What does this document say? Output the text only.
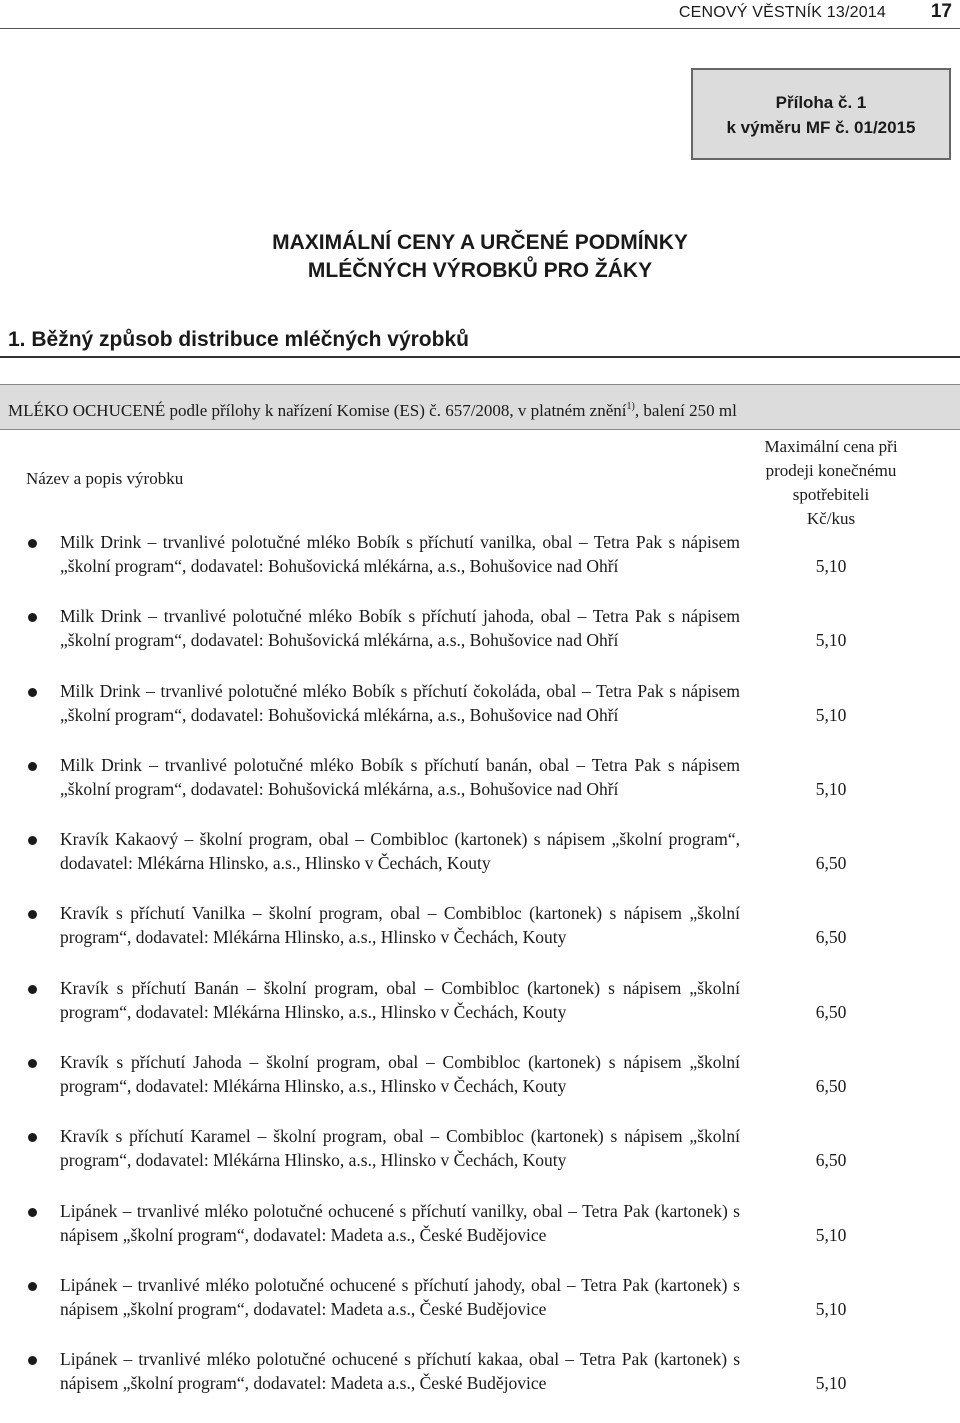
CENOVÝ VĚSTNÍK 13/2014 17
Příloha č. 1
k výměru MF č. 01/2015
MAXIMÁLNÍ CENY A URČENÉ PODMÍNKY
MLÉČNÝCH VÝROBKŮ PRO ŽÁKY
1. Běžný způsob distribuce mléčných výrobků
MLÉKO OCHUCENÉ podle přílohy k nařízení Komise (ES) č. 657/2008, v platném znění$^{1)}$, balení 250 ml
Název a popis výrobku
Maximální cena při
prodeji konečnému
spotřebiteli
Kč/kus
Milk Drink – trvanlivé polotučné mléko Bobík s příchutí vanilka, obal – Tetra Pak s nápisem „školní program“, dodavatel: Bohušovická mlékárna, a.s., Bohušovice nad Ohří	5,10
Milk Drink – trvanlivé polotučné mléko Bobík s příchutí jahoda, obal – Tetra Pak s nápisem „školní program“, dodavatel: Bohušovická mlékárna, a.s., Bohušovice nad Ohří	5,10
Milk Drink – trvanlivé polotučné mléko Bobík s příchutí čokoláda, obal – Tetra Pak s nápisem „školní program“, dodavatel: Bohušovická mlékárna, a.s., Bohušovice nad Ohří	5,10
Milk Drink – trvanlivé polotučné mléko Bobík s příchutí banán, obal – Tetra Pak s nápisem „školní program“, dodavatel: Bohušovická mlékárna, a.s., Bohušovice nad Ohří	5,10
Kravík Kakaový – školní program, obal – Combibloc (kartonek) s nápisem „školní program“, dodavatel: Mlékárna Hlinsko, a.s., Hlinsko v Čechách, Kouty	6,50
Kravík s příchutí Vanilka – školní program, obal – Combibloc (kartonek) s nápisem „školní program“, dodavatel: Mlékárna Hlinsko, a.s., Hlinsko v Čechách, Kouty	6,50
Kravík s příchutí Banán – školní program, obal – Combibloc (kartonek) s nápisem „školní program“, dodavatel: Mlékárna Hlinsko, a.s., Hlinsko v Čechách, Kouty	6,50
Kravík s příchutí Jahoda – školní program, obal – Combibloc (kartonek) s nápisem „školní program“, dodavatel: Mlékárna Hlinsko, a.s., Hlinsko v Čechách, Kouty	6,50
Kravík s příchutí Karamel – školní program, obal – Combibloc (kartonek) s nápisem „školní program“, dodavatel: Mlékárna Hlinsko, a.s., Hlinsko v Čechách, Kouty	6,50
Lipánek – trvanlivé mléko polotučné ochucené s příchutí vanilky, obal – Tetra Pak (kartonek) s nápisem „školní program“, dodavatel: Madeta a.s., České Budějovice	5,10
Lipánek – trvanlivé mléko polotučné ochucené s příchutí jahody, obal – Tetra Pak (kartonek) s nápisem „školní program“, dodavatel: Madeta a.s., České Budějovice	5,10
Lipánek – trvanlivé mléko polotučné ochucené s příchutí kakaa, obal – Tetra Pak (kartonek) s nápisem „školní program“, dodavatel: Madeta a.s., České Budějovice	5,10
